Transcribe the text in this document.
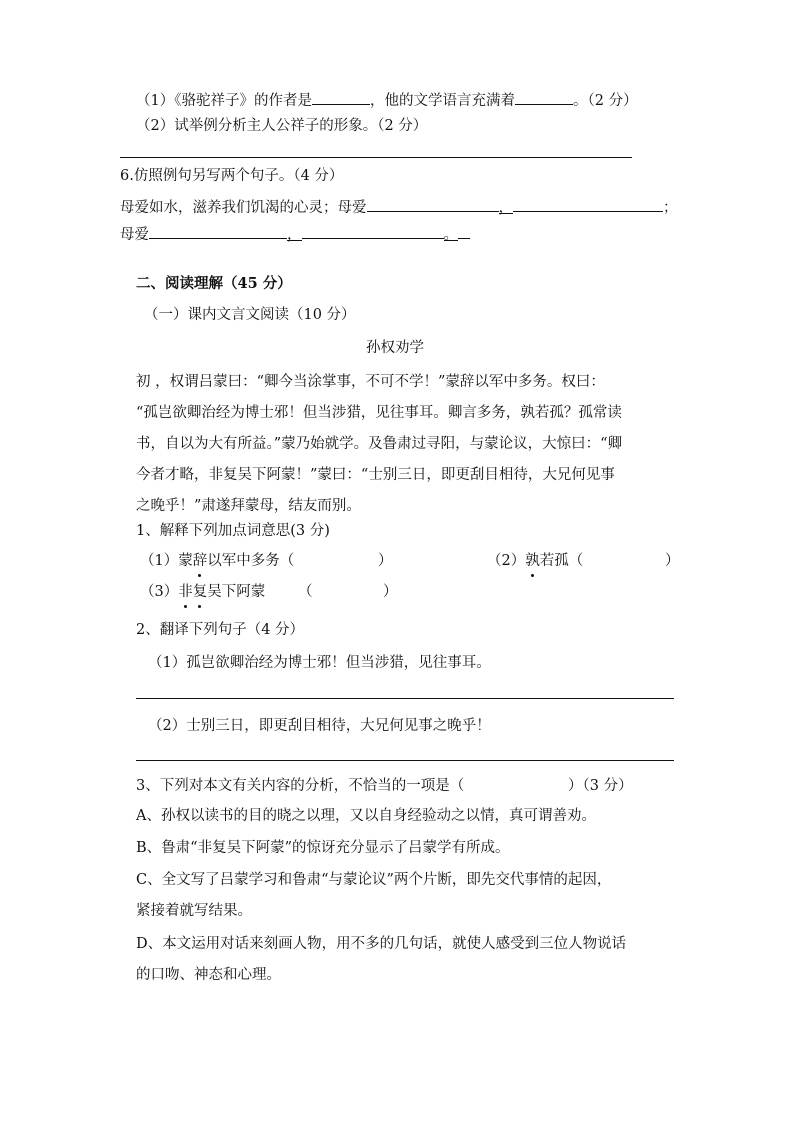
（1）《骆驼祥子》的作者是	，他的文学语言充满着	。（2 分）
（2）试举例分析主人公祥子的形象。（2 分）
6.仿照例句另写两个句子。（4 分）
母爱如水，滋养我们饥渴的心灵；母爱	，	；
母爱	，	。
二、阅读理解（45 分）
（一）课内文言文阅读（10 分）
孙权劝学
初 ，权谓吕蒙曰：“卿今当涂掌事，不可不学！”蒙辞以军中多务。权曰：
“孤岂欲卿治经为博士邪！但当涉猎，见往事耳。卿言多务，孰若孤？孤常读
书，自以为大有所益。”蒙乃始就学。及鲁肃过寻阳，与蒙论议，大惊曰：“卿
今者才略，非复吴下阿蒙！”蒙曰：“士别三日，即更刮目相待，大兄何见事
之晚乎！”肃遂拜蒙母，结友而别。
1、解释下列加点词意思(3 分)
（1）蒙辞以军中多务（	）	（2）孰若孤（	）
（3）非复吴下阿蒙 （	）
2、翻译下列句子（4 分）
（1）孤岂欲卿治经为博士邪！但当涉猎，见往事耳。
（2）士别三日，即更刮目相待，大兄何见事之晚乎！
3、下列对本文有关内容的分析，不恰当的一项是（	）（3 分）
A、孙权以读书的目的晓之以理，又以自身经验动之以情，真可谓善劝。
B、鲁肃“非复吴下阿蒙”的惊讶充分显示了吕蒙学有所成。
C、全文写了吕蒙学习和鲁肃“与蒙论议”两个片断，即先交代事情的起因，
紧接着就写结果。
D、本文运用对话来刻画人物，用不多的几句话，就使人感受到三位人物说话
的口吻、神态和心理。
